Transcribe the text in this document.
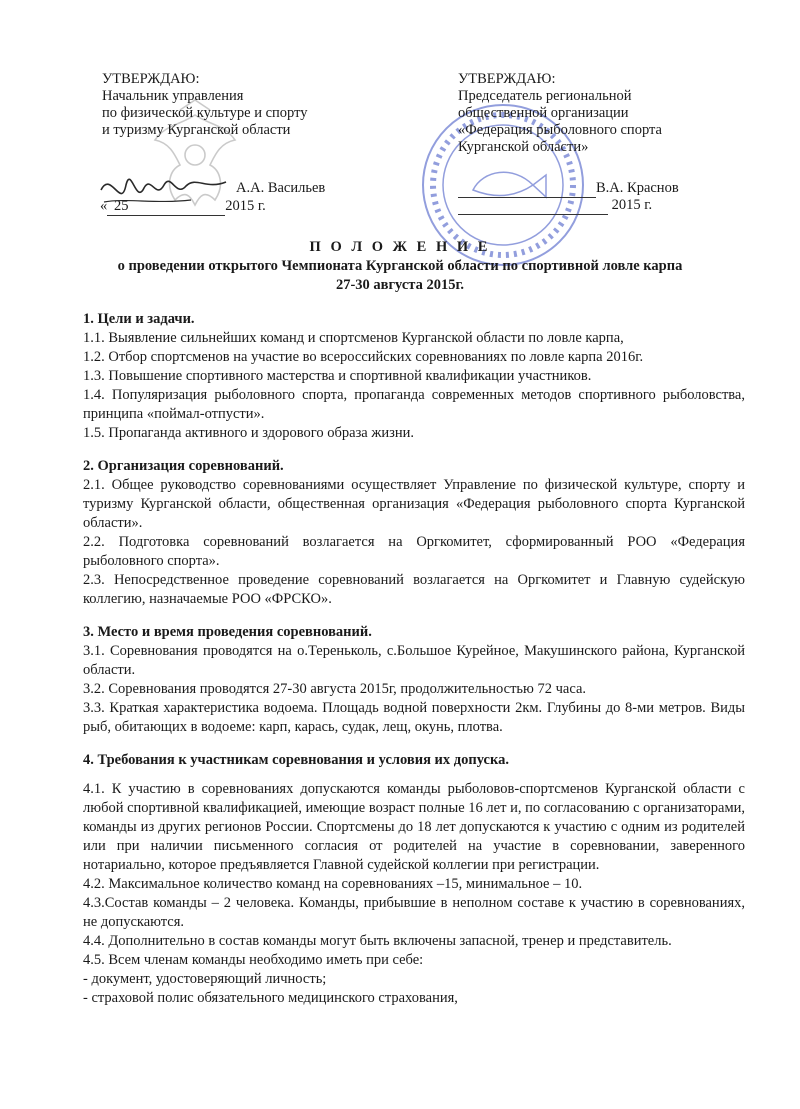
УТВЕРЖДАЮ:
Начальник управления
по физической культуре и спорту
и туризму Курганской области
А.А. Васильев
« 25	2015 г.
УТВЕРЖДАЮ:
Председатель региональной
общественной организации
«Федерация рыболовного спорта
Курганской области»
В.А. Краснов
2015 г.
П О Л О Ж Е Н И Е
о проведении открытого Чемпионата Курганской области по спортивной ловле карпа
27-30 августа 2015г.
1. Цели и задачи.
1.1. Выявление сильнейших команд и спортсменов Курганской области по ловле карпа,
1.2. Отбор спортсменов на участие во всероссийских соревнованиях по ловле карпа 2016г.
1.3. Повышение спортивного мастерства и спортивной квалификации участников.
1.4. Популяризация рыболовного спорта, пропаганда современных методов спортивного рыболовства, принципа «поймал-отпусти».
1.5. Пропаганда активного и здорового образа жизни.
2. Организация соревнований.
2.1. Общее руководство соревнованиями осуществляет Управление по физической культуре, спорту и туризму Курганской области, общественная организация «Федерация рыболовного спорта Курганской области».
2.2. Подготовка соревнований возлагается на Оргкомитет, сформированный РОО «Федерация рыболовного спорта».
2.3. Непосредственное проведение соревнований возлагается на Оргкомитет и Главную судейскую коллегию, назначаемые РОО «ФРСКО».
3. Место и время проведения соревнований.
3.1. Соревнования проводятся на о.Тереньколь, с.Большое Курейное, Макушинского района, Курганской области.
3.2. Соревнования проводятся 27-30 августа 2015г, продолжительностью 72 часа.
3.3. Краткая характеристика водоема. Площадь водной поверхности 2км. Глубины до 8-ми метров. Виды рыб, обитающих в водоеме: карп, карась, судак, лещ, окунь, плотва.
4. Требования к участникам соревнования и условия их допуска.
4.1. К участию в соревнованиях допускаются команды рыболовов-спортсменов Курганской области с любой спортивной квалификацией, имеющие возраст полные 16 лет и, по согласованию с организаторами, команды из других регионов России. Спортсмены до 18 лет допускаются к участию с одним из родителей или при наличии письменного согласия от родителей на участие в соревновании, заверенного нотариально, которое предъявляется Главной судейской коллегии при регистрации.
4.2. Максимальное количество команд на соревнованиях –15, минимальное – 10.
4.3.Состав команды – 2 человека. Команды, прибывшие в неполном составе к участию в соревнованиях, не допускаются.
4.4. Дополнительно в состав команды могут быть включены запасной, тренер и представитель.
4.5. Всем членам команды необходимо иметь при себе:
- документ, удостоверяющий личность;
- страховой полис обязательного медицинского страхования,
